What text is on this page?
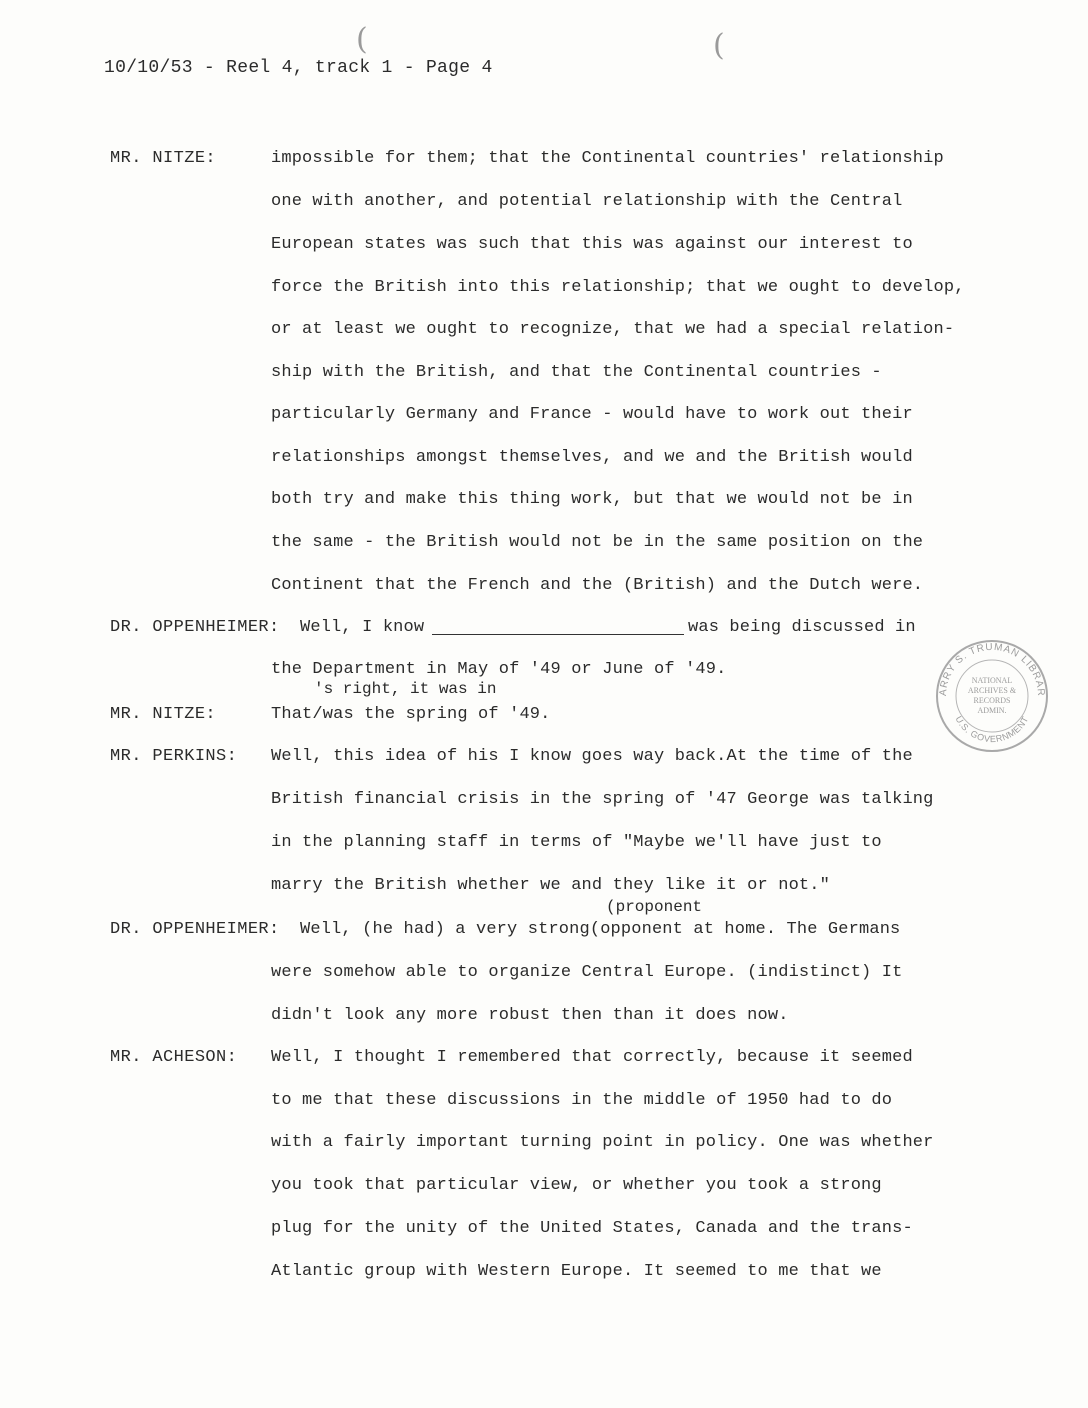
10/10/53 - Reel 4, track 1 - Page 4
(	(
MR. NITZE:	impossible for them; that the Continental countries' relationship
one with another, and potential relationship with the Central
European states was such that this was against our interest to
force the British into this relationship; that we ought to develop,
or at least we ought to recognize, that we had a special relation-
ship with the British, and that the Continental countries -
particularly Germany and France - would have to work out their
relationships amongst themselves, and we and the British would
both try and make this thing work, but that we would not be in
the same - the British would not be in the same position on the
Continent that the French and the (British) and the Dutch were.
DR. OPPENHEIMER: Well, I know	was being discussed in
the Department in May of '49 or June of '49.
's right, it was in
MR. NITZE:	That/was the spring of '49.
MR. PERKINS: Well, this idea of his I know goes way back.At the time of the
British financial crisis in the spring of '47 George was talking
in the planning staff in terms of "Maybe we'll have just to
marry the British whether we and they like it or not."
(proponent
DR. OPPENHEIMER: Well, (he had) a very strong(opponent at home. The Germans
were somehow able to organize Central Europe. (indistinct) It
didn't look any more robust then than it does now.
MR. ACHESON: Well, I thought I remembered that correctly, because it seemed
to me that these discussions in the middle of 1950 had to do
with a fairly important turning point in policy. One was whether
you took that particular view, or whether you took a strong
plug for the unity of the United States, Canada and the trans-
Atlantic group with Western Europe. It seemed to me that we
ARRY S. TRUMAN LIBRAR
U.S. GOVERNMENT
NATIONAL
ARCHIVES &
RECORDS
ADMIN.
